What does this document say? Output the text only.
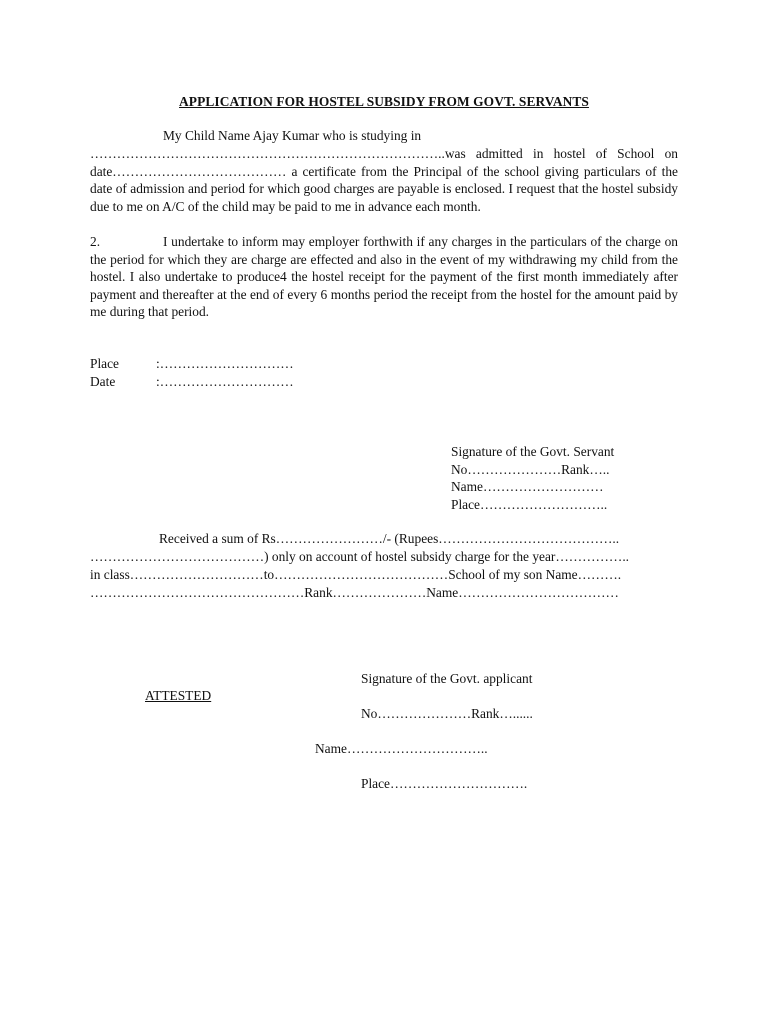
APPLICATION FOR HOSTEL SUBSIDY FROM GOVT. SERVANTS
My Child Name Ajay Kumar who is studying in

……………………………………………………………………..was admitted in hostel of School on date………………………………… a certificate from the Principal of the school giving particulars of the date of admission and period for which good charges are payable is enclosed. I request that the hostel subsidy due to me on A/C of the child may be paid to me in advance each month.

2.	I undertake to inform may employer forthwith if any charges in the particulars of the charge on the period for which they are charge are effected and also in the event of my withdrawing my child from the hostel. I also undertake to produce4 the hostel receipt for the payment of the first month immediately after payment and thereafter at the end of every 6 months period the receipt from the hostel for the amount paid by me during that period.

Place	:…………………………
Date	:…………………………
Signature of the Govt. Servant
No…………………Rank…..
Name………………………
Place………………………..
Received a sum of Rs……………………/- (Rupees…………………………………..
…………………………………) only on account of hostel subsidy charge for the year……………..
in class…………………………to…………………………………School of my son Name……….
…………………………………………Rank…………………Name………………………………
Signature of the Govt. applicant
ATTESTED
No…………………Rank…......
Name…………………………..
Place………………………….
